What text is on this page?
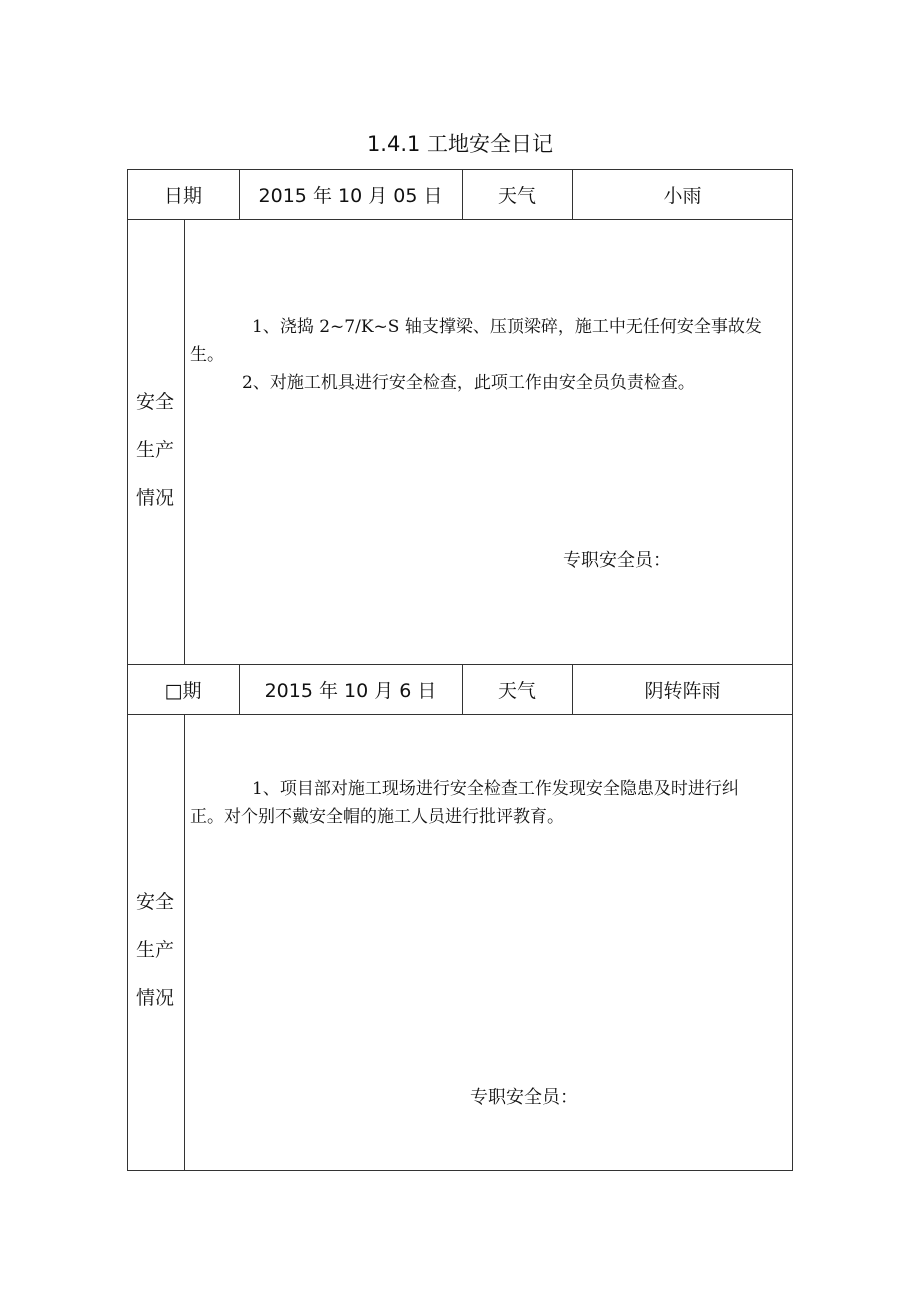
1.4.1 工地安全日记
日期	2015 年 10 月 05 日	天气	小雨
安全
生产
情况

1、浇捣 2~7/K~S 轴支撑梁、压顶梁碎，施工中无任何安全事故发

生。

2、对施工机具进行安全检查，此项工作由安全员负责检查。

专职安全员：
□期	2015 年 10 月 6 日	天气	阴转阵雨
安全
生产
情况

1、项目部对施工现场进行安全检查工作发现安全隐患及时进行纠

正。对个别不戴安全帽的施工人员进行批评教育。

专职安全员：
